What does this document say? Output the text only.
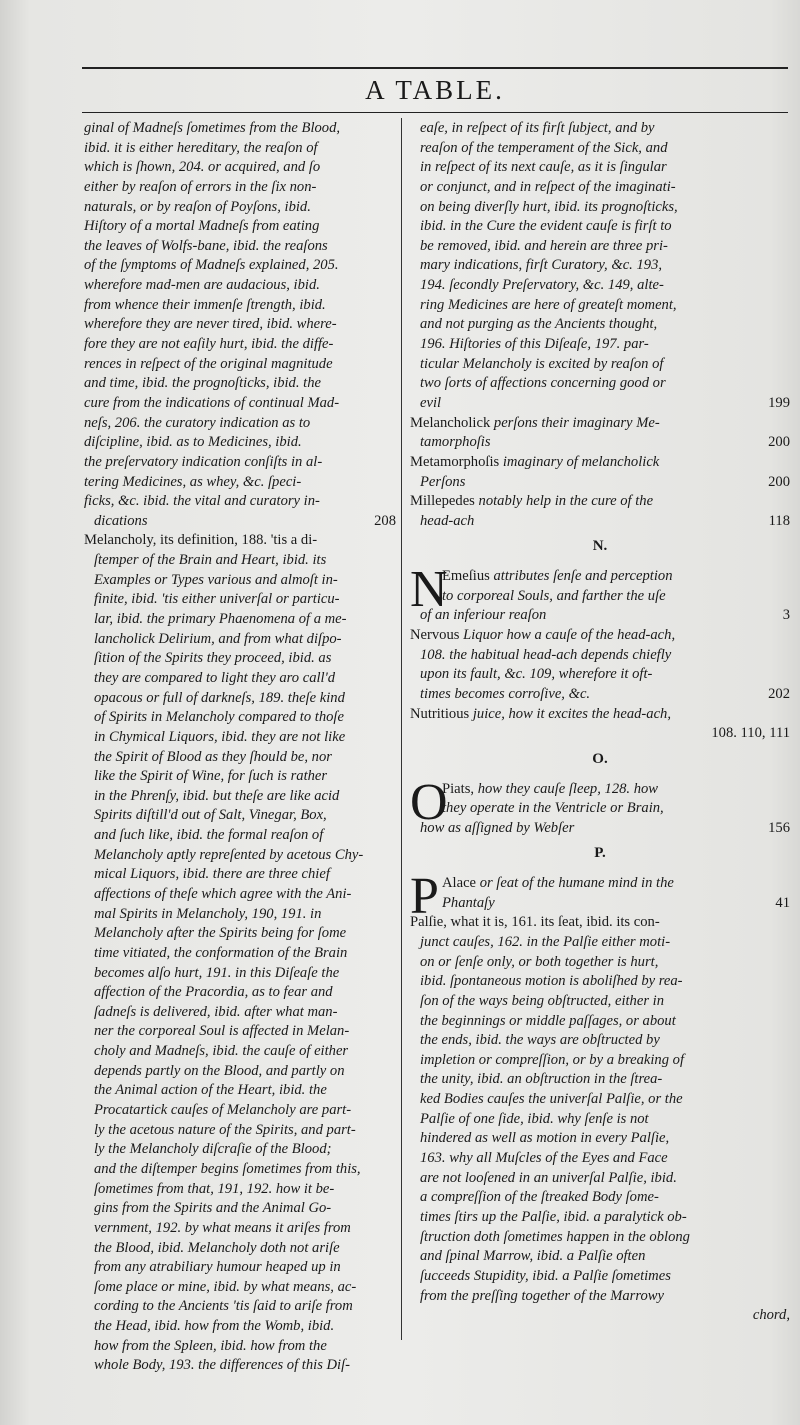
A TABLE.
ginal of Madneſs ſometimes from the Blood,
ibid. it is either hereditary, the reaſon of
which is ſhown, 204. or acquired, and ſo
either by reaſon of errors in the ſix non-
naturals, or by reaſon of Poyſons, ibid.
Hiſtory of a mortal Madneſs from eating
the leaves of Wolfs-bane, ibid. the reaſons
of the ſymptoms of Madneſs explained, 205.
wherefore mad-men are audacious, ibid.
from whence their immenſe ſtrength, ibid.
wherefore they are never tired, ibid. where-
fore they are not eaſily hurt, ibid. the diffe-
rences in reſpect of the original magnitude
and time, ibid. the prognoſticks, ibid. the
cure from the indications of continual Mad-
neſs, 206. the curatory indication as to
diſcipline, ibid. as to Medicines, ibid.
the preſervatory indication conſiſts in al-
tering Medicines, as whey, &c. ſpeci-
ficks, &c. ibid. the vital and curatory in-
dications	208
Melancholy, its definition, 188. 'tis a di-
ſtemper of the Brain and Heart, ibid. its
Examples or Types various and almoſt in-
finite, ibid. 'tis either univerſal or particu-
lar, ibid. the primary Phaenomena of a me-
lancholick Delirium, and from what diſpo-
ſition of the Spirits they proceed, ibid. as
they are compared to light they aro call'd
opacous or full of darkneſs, 189. theſe kind
of Spirits in Melancholy compared to thoſe
in Chymical Liquors, ibid. they are not like
the Spirit of Blood as they ſhould be, nor
like the Spirit of Wine, for ſuch is rather
in the Phrenſy, ibid. but theſe are like acid
Spirits diſtill'd out of Salt, Vinegar, Box,
and ſuch like, ibid. the formal reaſon of
Melancholy aptly repreſented by acetous Chy-
mical Liquors, ibid. there are three chief
affections of theſe which agree with the Ani-
mal Spirits in Melancholy, 190, 191. in
Melancholy after the Spirits being for ſome
time vitiated, the conformation of the Brain
becomes alſo hurt, 191. in this Diſeaſe the
affection of the Pracordia, as to fear and
ſadneſs is delivered, ibid. after what man-
ner the corporeal Soul is affected in Melan-
choly and Madneſs, ibid. the cauſe of either
depends partly on the Blood, and partly on
the Animal action of the Heart, ibid. the
Procatartick cauſes of Melancholy are part-
ly the acetous nature of the Spirits, and part-
ly the Melancholy diſcraſie of the Blood;
and the diſtemper begins ſometimes from this,
ſometimes from that, 191, 192. how it be-
gins from the Spirits and the Animal Go-
vernment, 192. by what means it ariſes from
the Blood, ibid. Melancholy doth not ariſe
from any atrabiliary humour heaped up in
ſome place or mine, ibid. by what means, ac-
cording to the Ancients 'tis ſaid to ariſe from
the Head, ibid. how from the Womb, ibid.
how from the Spleen, ibid. how from the
whole Body, 193. the differences of this Diſ-
eaſe, in reſpect of its firſt ſubject, and by
reaſon of the temperament of the Sick, and
in reſpect of its next cauſe, as it is ſingular
or conjunct, and in reſpect of the imaginati-
on being diverſly hurt, ibid. its prognoſticks,
ibid. in the Cure the evident cauſe is firſt to
be removed, ibid. and herein are three pri-
mary indications, firſt Curatory, &c. 193,
194. ſecondly Preſervatory, &c. 149, alte-
ring Medicines are here of greateſt moment,
and not purging as the Ancients thought,
196. Hiſtories of this Diſeaſe, 197. par-
ticular Melancholy is excited by reaſon of
two ſorts of affections concerning good or
evil	199
Melancholick perſons their imaginary Me-
tamorphoſis	200
Metamorphoſis imaginary of melancholick
Perſons	200
Millepedes notably help in the cure of the
head-ach	118
N.
N
Emeſius attributes ſenſe and perception
to corporeal Souls, and farther the uſe
of an inferiour reaſon	3
Nervous Liquor how a cauſe of the head-ach,
108. the habitual head-ach depends chiefly
upon its fault, &c. 109, wherefore it oft-
times becomes corroſive, &c.	202
Nutritious juice, how it excites the head-ach,
108. 110, 111
O.
O
Piats, how they cauſe ſleep, 128. how
they operate in the Ventricle or Brain,
how as aſſigned by Webſer	156
P.
P Alace or ſeat of the humane mind in the
Phantaſy	41
Palſie, what it is, 161. its ſeat, ibid. its con-
junct cauſes, 162. in the Palſie either moti-
on or ſenſe only, or both together is hurt,
ibid. ſpontaneous motion is aboliſhed by rea-
ſon of the ways being obſtructed, either in
the beginnings or middle paſſages, or about
the ends, ibid. the ways are obſtructed by
impletion or compreſſion, or by a breaking of
the unity, ibid. an obſtruction in the ſtrea-
ked Bodies cauſes the univerſal Palſie, or the
Palſie of one ſide, ibid. why ſenſe is not
hindered as well as motion in every Palſie,
163. why all Muſcles of the Eyes and Face
are not looſened in an univerſal Palſie, ibid.
a compreſſion of the ſtreaked Body ſome-
times ſtirs up the Palſie, ibid. a paralytick ob-
ſtruction doth ſometimes happen in the oblong
and ſpinal Marrow, ibid. a Palſie often
ſucceeds Stupidity, ibid. a Palſie ſometimes
from the preſſing together of the Marrowy
chord,
